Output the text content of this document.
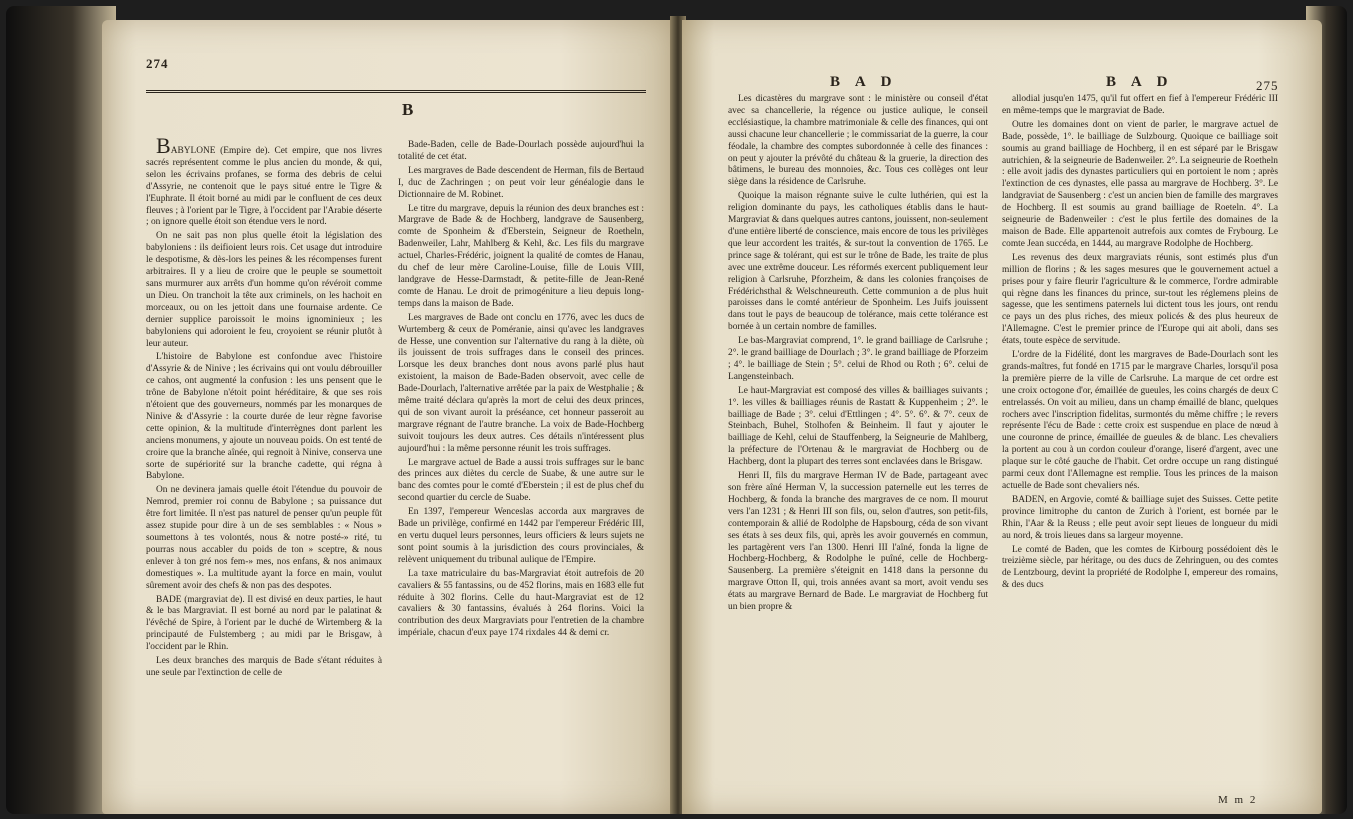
274
B

BABYLONE (Empire de). Cet empire, que nos livres sacrés représentent comme le plus ancien du monde, & qui, selon les écrivains profanes, se forma des debris de celui d'Assyrie, ne contenoit que le pays situé entre le Tigre & l'Euphrate. Il étoit borné au midi par le confluent de ces deux fleuves ; à l'orient par le Tigre, à l'occident par l'Arabie déserte ; on ignore quelle étoit son étendue vers le nord.

On ne sait pas non plus quelle étoit la législation des babyloniens : ils deifioient leurs rois. Cet usage dut introduire le despotisme, & dès-lors les peines & les récompenses furent arbitraires. Il y a lieu de croire que le peuple se soumettoit sans murmurer aux arrêts d'un homme qu'on révéroit comme un Dieu. On tranchoit la tête aux criminels, on les hachoit en morceaux, ou on les jettoit dans une fournaise ardente. Ce dernier supplice paroissoit le moins ignominieux ; les babyloniens qui adoroient le feu, croyoient se réunir plutôt à leur auteur.

L'histoire de Babylone est confondue avec l'histoire d'Assyrie & de Ninive ; les écrivains qui ont voulu débrouiller ce cahos, ont augmenté la confusion : les uns pensent que le trône de Babylone n'étoit point héréditaire, & que ses rois n'étoient que des gouverneurs, nommés par les monarques de Ninive & d'Assyrie : la courte durée de leur règne favorise cette opinion, & la multitude d'interrègnes dont parlent les anciens monumens, y ajoute un nouveau poids. On est tenté de croire que la branche aînée, qui regnoit à Ninive, conserva une sorte de supériorité sur la branche cadette, qui régna à Babylone.

On ne devinera jamais quelle étoit l'étendue du pouvoir de Nemrod, premier roi connu de Babylone ; sa puissance dut être fort limitée. Il n'est pas naturel de penser qu'un peuple fût assez stupide pour dire à un de ses semblables : « Nous » soumettons à tes volontés, nous & notre posté-» rité, tu pourras nous accabler du poids de ton » sceptre, & nous enlever à ton gré nos fem-» mes, nos enfans, & nos animaux domestiques ». La multitude ayant la force en main, voulut sûrement avoir des chefs & non pas des despotes.

BADE (margraviat de). Il est divisé en deux parties, le haut & le bas Margraviat. Il est borné au nord par le palatinat & l'évêché de Spire, à l'orient par le duché de Wirtemberg & la principauté de Fulstemberg ; au midi par le Brisgaw, à l'occident par le Rhin.

Les deux branches des marquis de Bade s'étant réduites à une seule par l'extinction de celle de

Bade-Baden, celle de Bade-Dourlach possède aujourd'hui la totalité de cet état.

Les margraves de Bade descendent de Herman, fils de Bertaud I, duc de Zachringen ; on peut voir leur généalogie dans le Dictionnaire de M. Robinet.

Le titre du margrave, depuis la réunion des deux branches est : Margrave de Bade & de Hochberg, landgrave de Sausenberg, comte de Sponheim & d'Eberstein, Seigneur de Roetheln, Badenweiler, Lahr, Mahlberg & Kehl, &c. Les fils du margrave actuel, Charles-Frédéric, joignent la qualité de comtes de Hanau, du chef de leur mère Caroline-Louise, fille de Louis VIII, landgrave de Hesse-Darmstadt, & petite-fille de Jean-René comte de Hanau. Le droit de primogéniture a lieu depuis long-temps dans la maison de Bade.

Les margraves de Bade ont conclu en 1776, avec les ducs de Wurtemberg & ceux de Poméranie, ainsi qu'avec les landgraves de Hesse, une convention sur l'alternative du rang à la diète, où ils jouissent de trois suffrages dans le conseil des princes. Lorsque les deux branches dont nous avons parlé plus haut existoient, la maison de Bade-Baden observoit, avec celle de Bade-Dourlach, l'alternative arrêtée par la paix de Westphalie ; & même traité déclara qu'après la mort de celui des deux princes, qui de son vivant auroit la préséance, cet honneur passeroit au margrave régnant de l'autre branche. La voix de Bade-Hochberg suivoit toujours les deux autres. Ces détails n'intéressent plus aujourd'hui : la même personne réunit les trois suffrages.

Le margrave actuel de Bade a aussi trois suffrages sur le banc des princes aux diètes du cercle de Suabe, & une autre sur le banc des comtes pour le comté d'Eberstein ; il est de plus chef du second quartier du cercle de Suabe.

En 1397, l'empereur Wenceslas accorda aux margraves de Bade un privilège, confirmé en 1442 par l'empereur Frédéric III, en vertu duquel leurs personnes, leurs officiers & leurs sujets ne sont point soumis à la jurisdiction des cours provinciales, & relèvent uniquement du tribunal aulique de l'Empire.

La taxe matriculaire du bas-Margraviat étoit autrefois de 20 cavaliers & 55 fantassins, ou de 452 florins, mais en 1683 elle fut réduite à 302 florins. Celle du haut-Margraviat est de 12 cavaliers & 30 fantassins, évalués à 264 florins. Voici la contribution des deux Margraviats pour l'entretien de la chambre impériale, chacun d'eux paye 174 rixdales 44 & demi cr.

B A D	B A D	275

Les dicastères du margrave sont : le ministère ou conseil d'état avec sa chancellerie, la régence ou justice aulique, le conseil ecclésiastique, la chambre matrimoniale & celle des finances, qui ont aussi chacune leur chancellerie ; le commissariat de la guerre, la cour féodale, la chambre des comptes subordonnée à celle des finances : on peut y ajouter la prévôté du château & la gruerie, la direction des bâtimens, le bureau des monnoies, &c. Tous ces collèges ont leur siège dans la résidence de Carlsruhe.

Quoique la maison régnante suive le culte luthérien, qui est la religion dominante du pays, les catholiques établis dans le haut-Margraviat & dans quelques autres cantons, jouissent, non-seulement d'une entière liberté de conscience, mais encore de tous les privilèges que leur accordent les traités, & sur-tout la convention de 1765. Le prince sage & tolérant, qui est sur le trône de Bade, les traite de plus avec une extrême douceur. Les réformés exercent publiquement leur religion à Carlsruhe, Pforzheim, & dans les colonies françoises de Frédérichsthal & Welschneureuth. Cette communion a de plus huit paroisses dans le comté antérieur de Sponheim. Les Juifs jouissent dans tout le pays de beaucoup de tolérance, mais cette tolérance est bornée à un certain nombre de familles.

Le bas-Margraviat comprend, 1°. le grand bailliage de Carlsruhe ; 2°. le grand bailliage de Dourlach ; 3°. le grand bailliage de Pforzeim ; 4°. le bailliage de Stein ; 5°. celui de Rhod ou Roth ; 6°. celui de Langensteinbach.

Le haut-Margraviat est composé des villes & bailliages suivants ; 1°. les villes & bailliages réunis de Rastatt & Kuppenheim ; 2°. le bailliage de Bade ; 3°. celui d'Ettlingen ; 4°. 5°. 6°. & 7°. ceux de Steinbach, Buhel, Stolhofen & Beinheim. Il faut y ajouter le bailliage de Kehl, celui de Stauffenberg, la Seigneurie de Mahlberg, la préfecture de l'Ortenau & le margraviat de Hochberg ou de Hachberg, dont la plupart des terres sont enclavées dans le Brisgaw.

Henri II, fils du margrave Herman IV de Bade, partageant avec son frère aîné Herman V, la succession paternelle eut les terres de Hochberg, & fonda la branche des margraves de ce nom. Il mourut vers l'an 1231 ; & Henri III son fils, ou, selon d'autres, son petit-fils, contemporain & allié de Rodolphe de Hapsbourg, céda de son vivant ses états à ses deux fils, qui, après les avoir gouvernés en commun, les partagèrent vers l'an 1300. Henri III l'aîné, fonda la ligne de Hochberg-Hochberg, & Rodolphe le puîné, celle de Hochberg-Sausenberg. La première s'éteignit en 1418 dans la personne du margrave Otton II, qui, trois années avant sa mort, avoit vendu ses états au margrave Bernard de Bade. Le margraviat de Hochberg fut un bien propre &

allodial jusqu'en 1475, qu'il fut offert en fief à l'empereur Frédéric III en même-temps que le margraviat de Bade.

Outre les domaines dont on vient de parler, le margrave actuel de Bade, possède, 1°. le bailliage de Sulzbourg. Quoique ce bailliage soit soumis au grand bailliage de Hochberg, il en est séparé par le Brisgaw autrichien, & la seigneurie de Badenweiler. 2°. La seigneurie de Roetheln : elle avoit jadis des dynastes particuliers qui en portoient le nom ; après l'extinction de ces dynastes, elle passa au margrave de Hochberg. 3°. Le landgraviat de Sausenberg : c'est un ancien bien de famille des margraves de Hochberg. Il est soumis au grand bailliage de Roeteln. 4°. La seigneurie de Badenweiler : c'est le plus fertile des domaines de la maison de Bade. Elle appartenoit autrefois aux comtes de Frybourg. Le comte Jean succéda, en 1444, au margrave Rodolphe de Hochberg.

Les revenus des deux margraviats réunis, sont estimés plus d'un million de florins ; & les sages mesures que le gouvernement actuel a prises pour y faire fleurir l'agriculture & le commerce, l'ordre admirable qui règne dans les finances du prince, sur-tout les réglemens pleins de sagesse, que les sentimens paternels lui dictent tous les jours, ont rendu ce pays un des plus riches, des mieux policés & des plus heureux de l'Allemagne. C'est le premier prince de l'Europe qui ait aboli, dans ses états, toute espèce de servitude.

L'ordre de la Fidélité, dont les margraves de Bade-Dourlach sont les grands-maîtres, fut fondé en 1715 par le margrave Charles, lorsqu'il posa la première pierre de la ville de Carlsruhe. La marque de cet ordre est une croix octogone d'or, émaillée de gueules, les coins chargés de deux C entrelassés. On voit au milieu, dans un champ émaillé de blanc, quelques rochers avec l'inscription fidelitas, surmontés du même chiffre ; le revers représente l'écu de Bade : cette croix est suspendue en place de nœud à une couronne de prince, émaillée de gueules & de blanc. Les chevaliers la portent au cou à un cordon couleur d'orange, liseré d'argent, avec une plaque sur le côté gauche de l'habit. Cet ordre occupe un rang distingué parmi ceux dont l'Allemagne est remplie. Tous les princes de la maison actuelle de Bade sont chevaliers nés.

BADEN, en Argovie, comté & bailliage sujet des Suisses. Cette petite province limitrophe du canton de Zurich à l'orient, est bornée par le Rhin, l'Aar & la Reuss ; elle peut avoir sept lieues de longueur du midi au nord, & trois lieues dans sa largeur moyenne.

Le comté de Baden, que les comtes de Kirbourg possédoient dès le treizième siècle, par héritage, ou des ducs de Zehringuen, ou des comtes de Lentzbourg, devint la propriété de Rodolphe I, empereur des romains, & des ducs

M m 2
